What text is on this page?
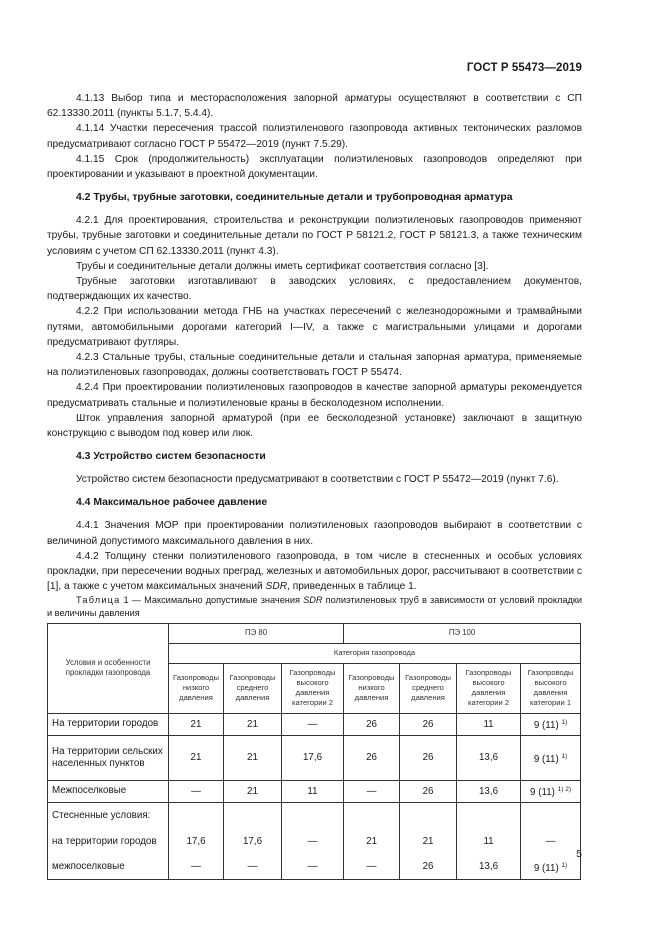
ГОСТ Р 55473—2019

4.1.13 Выбор типа и месторасположения запорной арматуры осуществляют в соответствии с СП 62.13330.2011 (пункты 5.1.7, 5.4.4).

4.1.14 Участки пересечения трассой полиэтиленового газопровода активных тектонических разломов предусматривают согласно ГОСТ Р 55472—2019 (пункт 7.5.29).

4.1.15 Срок (продолжительность) эксплуатации полиэтиленовых газопроводов определяют при проектировании и указывают в проектной документации.

4.2 Трубы, трубные заготовки, соединительные детали и трубопроводная арматура

4.2.1 Для проектирования, строительства и реконструкции полиэтиленовых газопроводов применяют трубы, трубные заготовки и соединительные детали по ГОСТ Р 58121.2, ГОСТ Р 58121.3, а также техническим условиям с учетом СП 62.13330.2011 (пункт 4.3).

Трубы и соединительные детали должны иметь сертификат соответствия согласно [3].

Трубные заготовки изготавливают в заводских условиях, с предоставлением документов, подтверждающих их качество.

4.2.2 При использовании метода ГНБ на участках пересечений с железнодорожными и трамвайными путями, автомобильными дорогами категорий I—IV, а также с магистральными улицами и дорогами предусматривают футляры.

4.2.3 Стальные трубы, стальные соединительные детали и стальная запорная арматура, применяемые на полиэтиленовых газопроводах, должны соответствовать ГОСТ Р 55474.

4.2.4 При проектировании полиэтиленовых газопроводов в качестве запорной арматуры рекомендуется предусматривать стальные и полиэтиленовые краны в бесколодезном исполнении.

Шток управления запорной арматурой (при ее бесколодезной установке) заключают в защитную конструкцию с выводом под ковер или люк.

4.3 Устройство систем безопасности

Устройство систем безопасности предусматривают в соответствии с ГОСТ Р 55472—2019 (пункт 7.6).

4.4 Максимальное рабочее давление

4.4.1 Значения МОР при проектировании полиэтиленовых газопроводов выбирают в соответствии с величиной допустимого максимального давления в них.

4.4.2 Толщину стенки полиэтиленового газопровода, в том числе в стесненных и особых условиях прокладки, при пересечении водных преград, железных и автомобильных дорог, рассчитывают в соответствии с [1], а также с учетом максимальных значений SDR, приведенных в таблице 1.

Таблица 1 — Максимально допустимые значения SDR полиэтиленовых труб в зависимости от условий прокладки и величины давления

Условия и особенности прокладки газопровода	ПЭ 80			ПЭ 100			
	Категория газопровода						
	Газопроводы низкого давления	Газопроводы среднего давления	Газопроводы высокого давления категории 2	Газопроводы низкого давления	Газопроводы среднего давления	Газопроводы высокого давления категории 2	Газопроводы высокого давления категории 1
На территории городов	21	21	—	26	26	11	9 (11) $^{1)}$
На территории сельских населенных пунктов	21	21	17,6	26	26	13,6	9 (11) $^{1)}$
Межпоселковые	—	21	11	—	26	13,6	9 (11) $^{1) 2)}$
Стесненные условия:							
на территории городов	17,6	17,6	—	21	21	11	—
межпоселковые	—	—	—	—	26	13,6	9 (11) $^{1)}$
5
